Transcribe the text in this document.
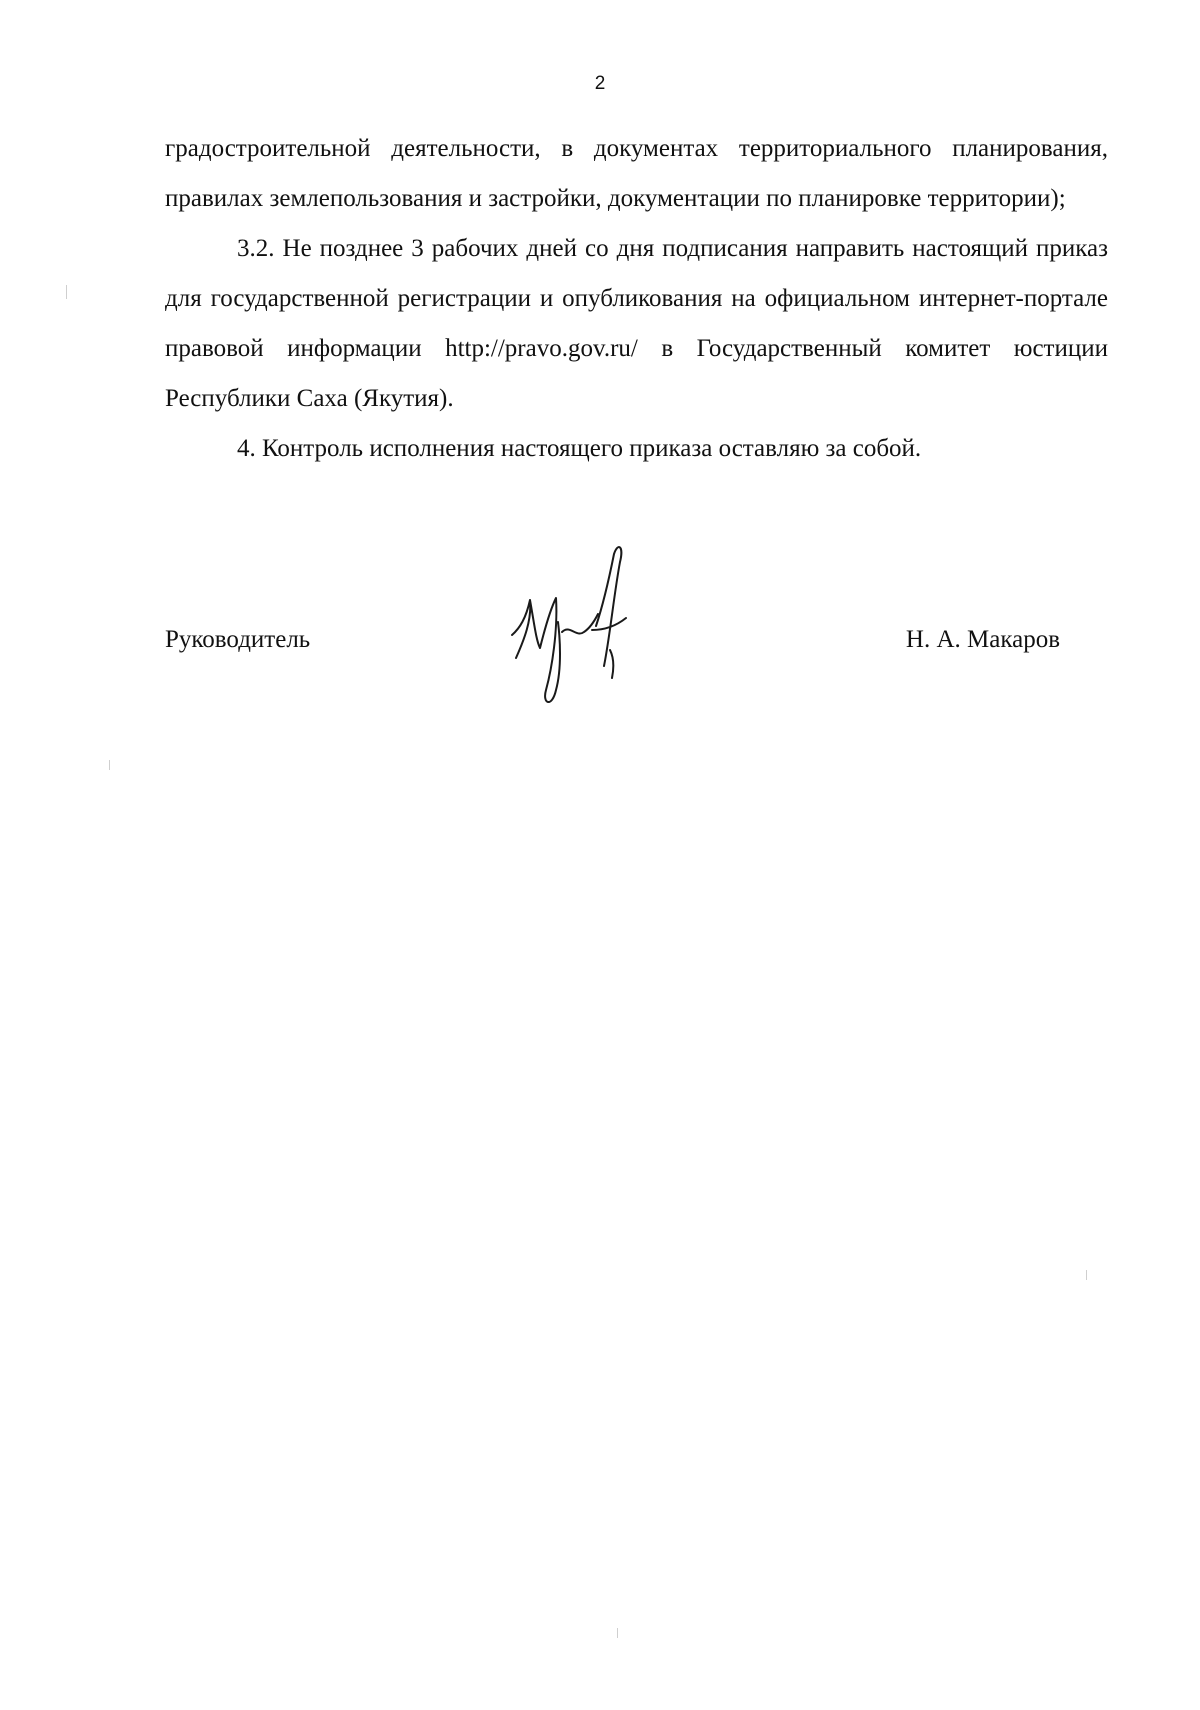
2

градостроительной деятельности, в документах территориального планирования, правилах землепользования и застройки, документации по планировке территории);

3.2. Не позднее 3 рабочих дней со дня подписания направить настоящий приказ для государственной регистрации и опубликования на официальном интернет-портале правовой информации http://pravo.gov.ru/ в Государственный комитет юстиции Республики Саха (Якутия).

4. Контроль исполнения настоящего приказа оставляю за собой.

Руководитель	Н. А. Макаров
